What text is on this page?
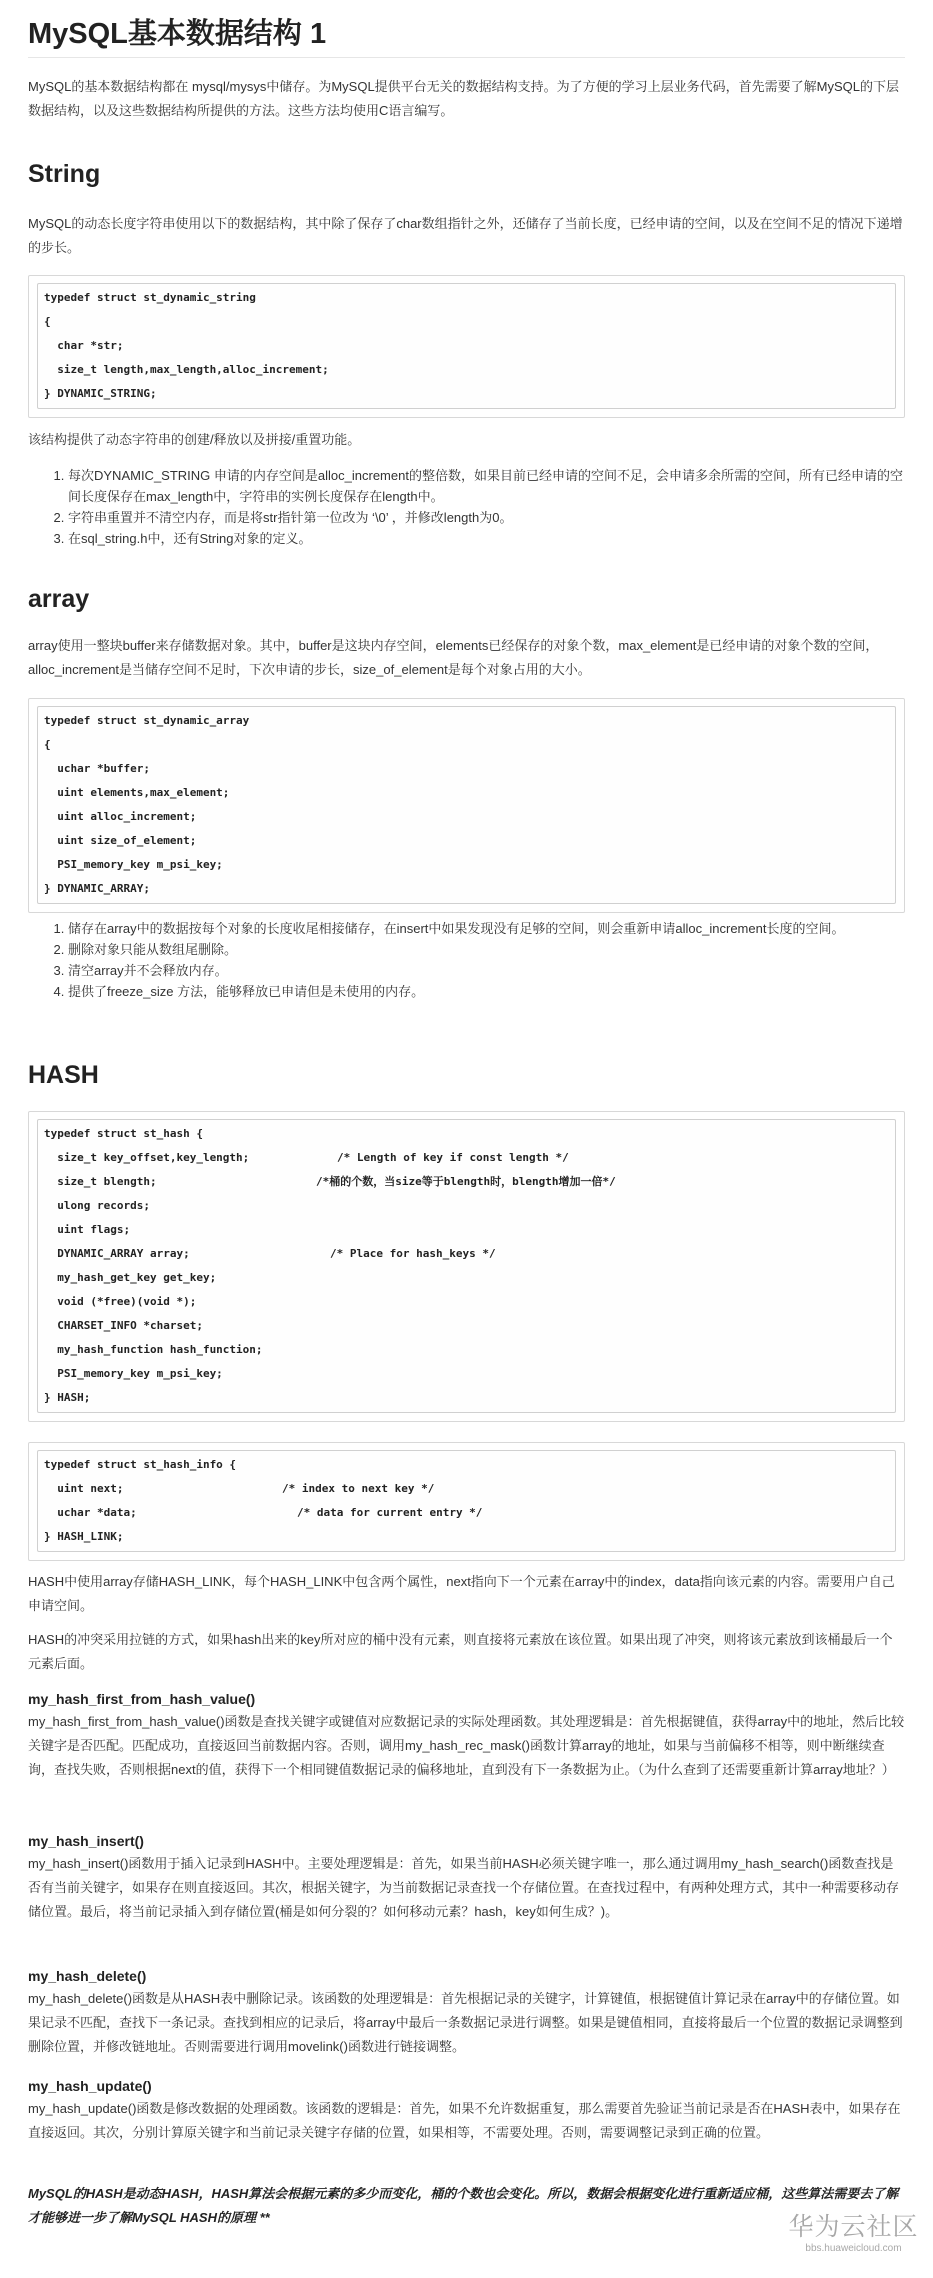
MySQL基本数据结构 1

MySQL的基本数据结构都在 mysql/mysys中储存。为MySQL提供平台无关的数据结构支持。为了方便的学习上层业务代码，首先需要了解MySQL的下层数据结构，以及这些数据结构所提供的方法。这些方法均使用C语言编写。

String

MySQL的动态长度字符串使用以下的数据结构，其中除了保存了char数组指针之外，还储存了当前长度，已经申请的空间，以及在空间不足的情况下递增的步长。

typedef struct st_dynamic_string
{
char *str;
size_t length,max_length,alloc_increment;
} DYNAMIC_STRING;

该结构提供了动态字符串的创建/释放以及拼接/重置功能。

1. 每次DYNAMIC_STRING 申请的内存空间是alloc_increment的整倍数，如果目前已经申请的空间不足，会申请多余所需的空间，所有已经申请的空间长度保存在max_length中，字符串的实例长度保存在length中。
2. 字符串重置并不清空内存，而是将str指针第一位改为 ‘\0’ ，并修改length为0。
3. 在sql_string.h中，还有String对象的定义。
array

array使用一整块buffer来存储数据对象。其中，buffer是这块内存空间，elements已经保存的对象个数，max_element是已经申请的对象个数的空间，alloc_increment是当储存空间不足时，下次申请的步长，size_of_element是每个对象占用的大小。

typedef struct st_dynamic_array
{
uchar *buffer;
uint elements,max_element;
uint alloc_increment;
uint size_of_element;
PSI_memory_key m_psi_key;
} DYNAMIC_ARRAY;
1. 储存在array中的数据按每个对象的长度收尾相接储存，在insert中如果发现没有足够的空间，则会重新申请alloc_increment长度的空间。
2. 删除对象只能从数组尾删除。
3. 清空array并不会释放内存。
4. 提供了freeze_size 方法，能够释放已申请但是未使用的内存。
HASH
typedef struct st_hash {
size_t key_offset,key_length;	/* Length of key if const length */
size_t blength;	/*桶的个数，当size等于blength时，blength增加一倍*/
ulong records;
uint flags;
DYNAMIC_ARRAY array;	/* Place for hash_keys */
my_hash_get_key get_key;
void (*free)(void *);
CHARSET_INFO *charset;
my_hash_function hash_function;
PSI_memory_key m_psi_key;
} HASH;
typedef struct st_hash_info {
uint next;	/* index to next key */
uchar *data;	/* data for current entry */
} HASH_LINK;

HASH中使用array存储HASH_LINK，每个HASH_LINK中包含两个属性，next指向下一个元素在array中的index，data指向该元素的内容。需要用户自己申请空间。

HASH的冲突采用拉链的方式，如果hash出来的key所对应的桶中没有元素，则直接将元素放在该位置。如果出现了冲突，则将该元素放到该桶最后一个元素后面。

my_hash_first_from_hash_value()

my_hash_first_from_hash_value()函数是查找关键字或键值对应数据记录的实际处理函数。其处理逻辑是：首先根据键值，获得array中的地址，然后比较关键字是否匹配。匹配成功，直接返回当前数据内容。否则，调用my_hash_rec_mask()函数计算array的地址，如果与当前偏移不相等，则中断继续查询，查找失败，否则根据next的值，获得下一个相同键值数据记录的偏移地址，直到没有下一条数据为止。（为什么查到了还需要重新计算array地址？）

my_hash_insert()

my_hash_insert()函数用于插入记录到HASH中。主要处理逻辑是：首先，如果当前HASH必须关键字唯一，那么通过调用my_hash_search()函数查找是否有当前关键字，如果存在则直接返回。其次，根据关键字，为当前数据记录查找一个存储位置。在查找过程中，有两种处理方式，其中一种需要移动存储位置。最后，将当前记录插入到存储位置(桶是如何分裂的？如何移动元素？hash，key如何生成？)。

my_hash_delete()

my_hash_delete()函数是从HASH表中删除记录。该函数的处理逻辑是：首先根据记录的关键字，计算键值，根据键值计算记录在array中的存储位置。如果记录不匹配，查找下一条记录。查找到相应的记录后，将array中最后一条数据记录进行调整。如果是键值相同，直接将最后一个位置的数据记录调整到删除位置，并修改链地址。否则需要进行调用movelink()函数进行链接调整。

my_hash_update()

my_hash_update()函数是修改数据的处理函数。该函数的逻辑是：首先，如果不允许数据重复，那么需要首先验证当前记录是否在HASH表中，如果存在直接返回。其次，分别计算原关键字和当前记录关键字存储的位置，如果相等，不需要处理。否则，需要调整记录到正确的位置。

MySQL的HASH是动态HASH，HASH算法会根据元素的多少而变化，桶的个数也会变化。所以，数据会根据变化进行重新适应桶，这些算法需要去了解才能够进一步了解MySQL HASH的原理 **	华为云社区
bbs.huaweicloud.com
